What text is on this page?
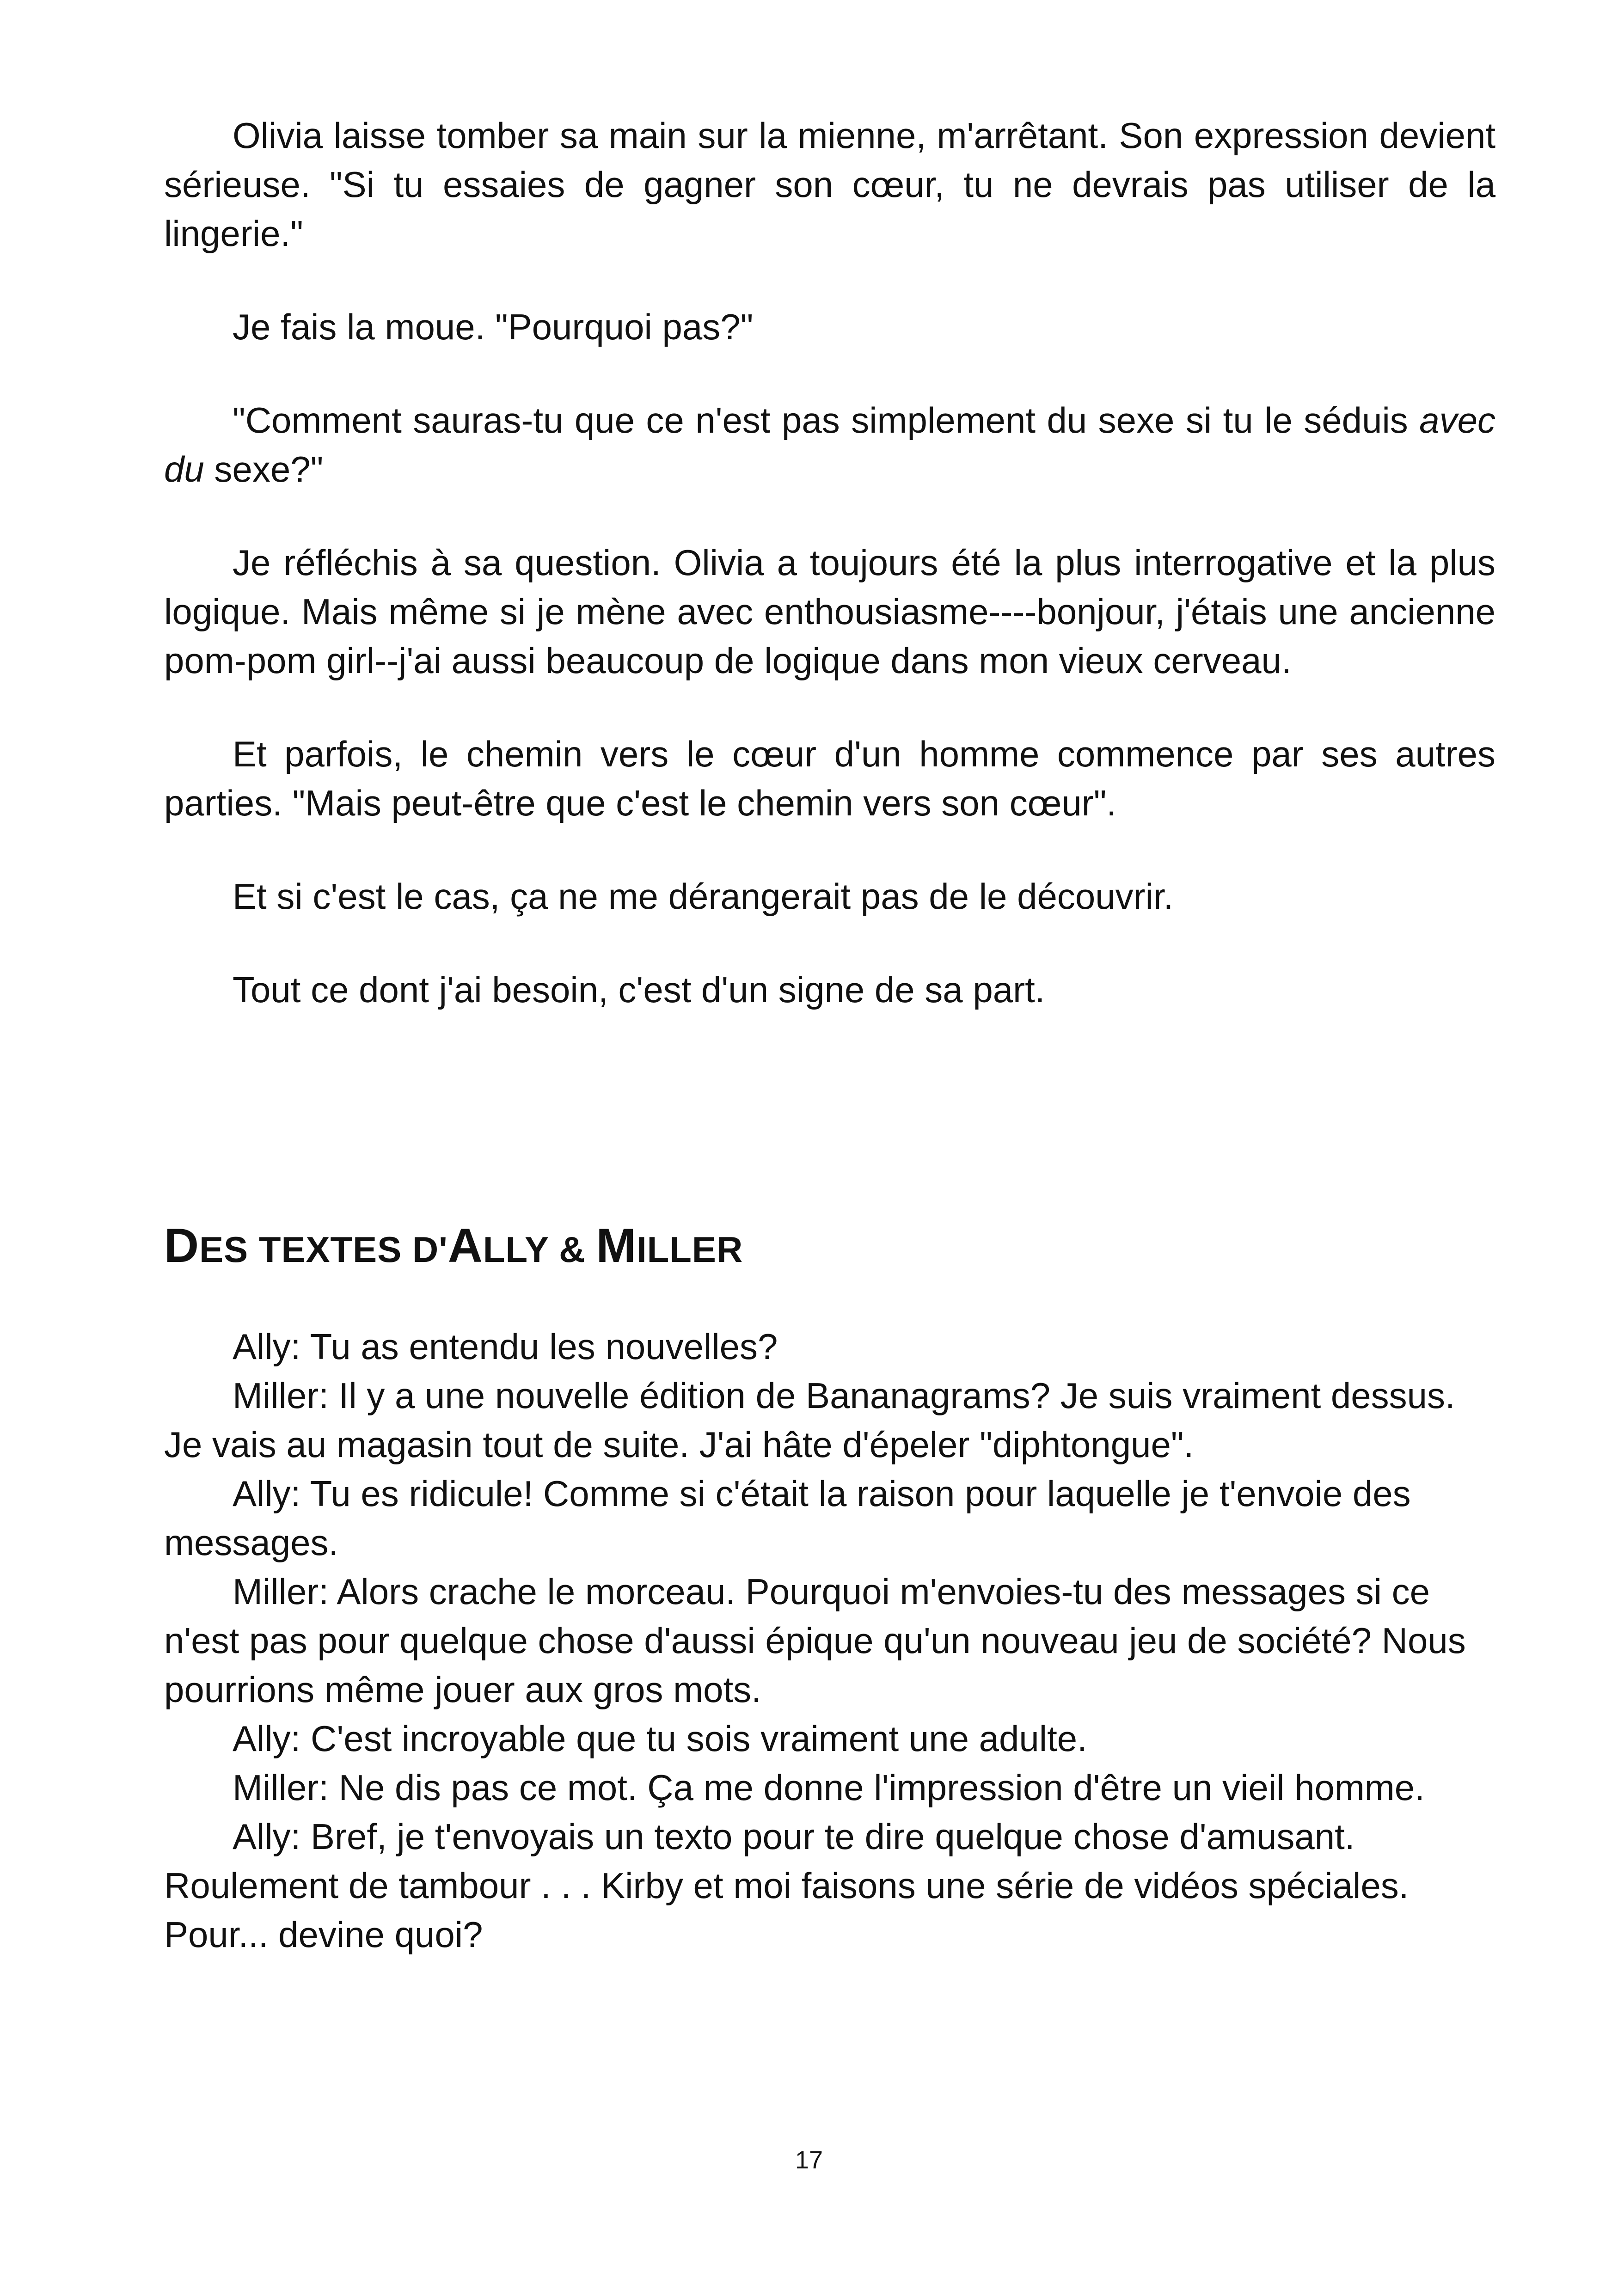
Olivia laisse tomber sa main sur la mienne, m'arrêtant. Son expression devient sérieuse. "Si tu essaies de gagner son cœur, tu ne devrais pas utiliser de la lingerie."

Je fais la moue. "Pourquoi pas?"

"Comment sauras-tu que ce n'est pas simplement du sexe si tu le séduis avec du sexe?"

Je réfléchis à sa question. Olivia a toujours été la plus interrogative et la plus logique. Mais même si je mène avec enthousiasme----bonjour, j'étais une ancienne pom-pom girl--j'ai aussi beaucoup de logique dans mon vieux cerveau.

Et parfois, le chemin vers le cœur d'un homme commence par ses autres parties. "Mais peut-être que c'est le chemin vers son cœur".

Et si c'est le cas, ça ne me dérangerait pas de le découvrir.

Tout ce dont j'ai besoin, c'est d'un signe de sa part.

DES TEXTES D'ALLY & MILLER

Ally: Tu as entendu les nouvelles?

Miller: Il y a une nouvelle édition de Bananagrams? Je suis vraiment dessus. Je vais au magasin tout de suite. J'ai hâte d'épeler "diphtongue".

Ally: Tu es ridicule! Comme si c'était la raison pour laquelle je t'envoie des messages.

Miller: Alors crache le morceau. Pourquoi m'envoies-tu des messages si ce n'est pas pour quelque chose d'aussi épique qu'un nouveau jeu de société? Nous pourrions même jouer aux gros mots.

Ally: C'est incroyable que tu sois vraiment une adulte.

Miller: Ne dis pas ce mot. Ça me donne l'impression d'être un vieil homme.

Ally: Bref, je t'envoyais un texto pour te dire quelque chose d'amusant. Roulement de tambour . . . Kirby et moi faisons une série de vidéos spéciales. Pour... devine quoi?

17
